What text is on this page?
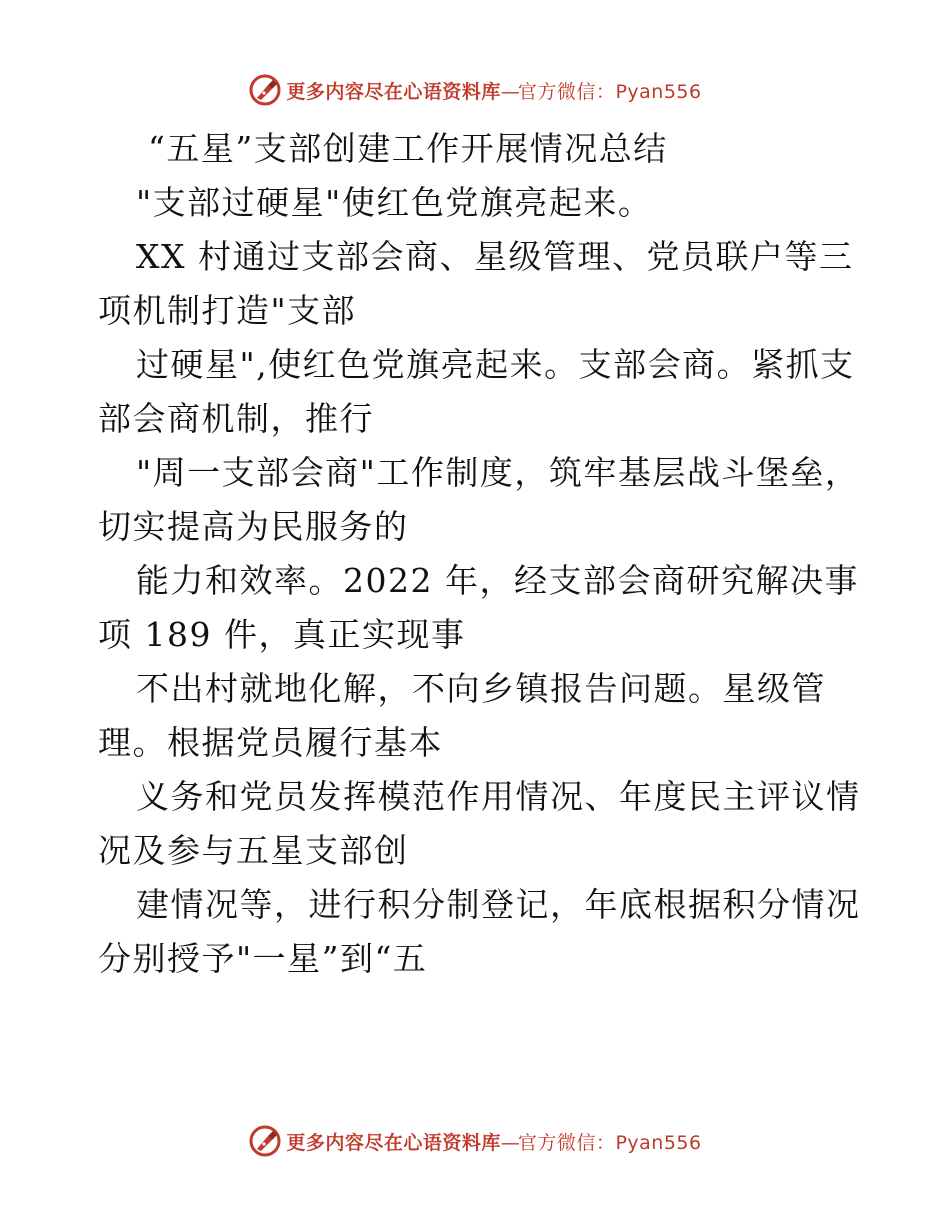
更多内容尽在心语资料库—官方微信：Pyan556
“五星”支部创建工作开展情况总结
"支部过硬星"使红色党旗亮起来。
XX 村通过支部会商、星级管理、党员联户等三
项机制打造"支部
过硬星",使红色党旗亮起来。支部会商。紧抓支
部会商机制，推行
"周一支部会商"工作制度，筑牢基层战斗堡垒，
切实提高为民服务的
能力和效率。2022 年，经支部会商研究解决事
项 189 件，真正实现事
不出村就地化解，不向乡镇报告问题。星级管
理。根据党员履行基本
义务和党员发挥模范作用情况、年度民主评议情
况及参与五星支部创
建情况等，进行积分制登记，年底根据积分情况
分别授予"一星”到“五
更多内容尽在心语资料库—官方微信：Pyan556
